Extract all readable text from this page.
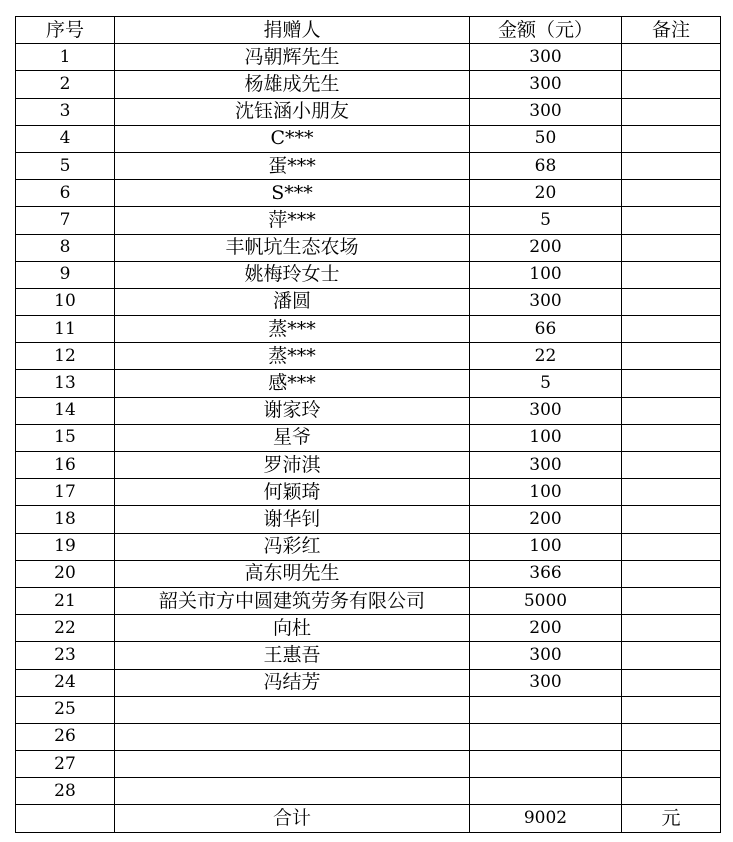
序号	捐赠人	金额（元）	备注
1	冯朝辉先生	300	
2	杨雄成先生	300	
3	沈钰涵小朋友	300	
4	C***	50	
5	蛋***	68	
6	S***	20	
7	萍***	5	
8	丰帆坑生态农场	200	
9	姚梅玲女士	100	
10	潘圆	300	
11	蒸***	66	
12	蒸***	22	
13	感***	5	
14	谢家玲	300	
15	星爷	100	
16	罗沛淇	300	
17	何颖琦	100	
18	谢华钊	200	
19	冯彩红	100	
20	高东明先生	366	
21	韶关市方中圆建筑劳务有限公司	5000	
22	向杜	200	
23	王惠吾	300	
24	冯结芳	300	
25			
26			
27			
28			
	合计	9002	元
